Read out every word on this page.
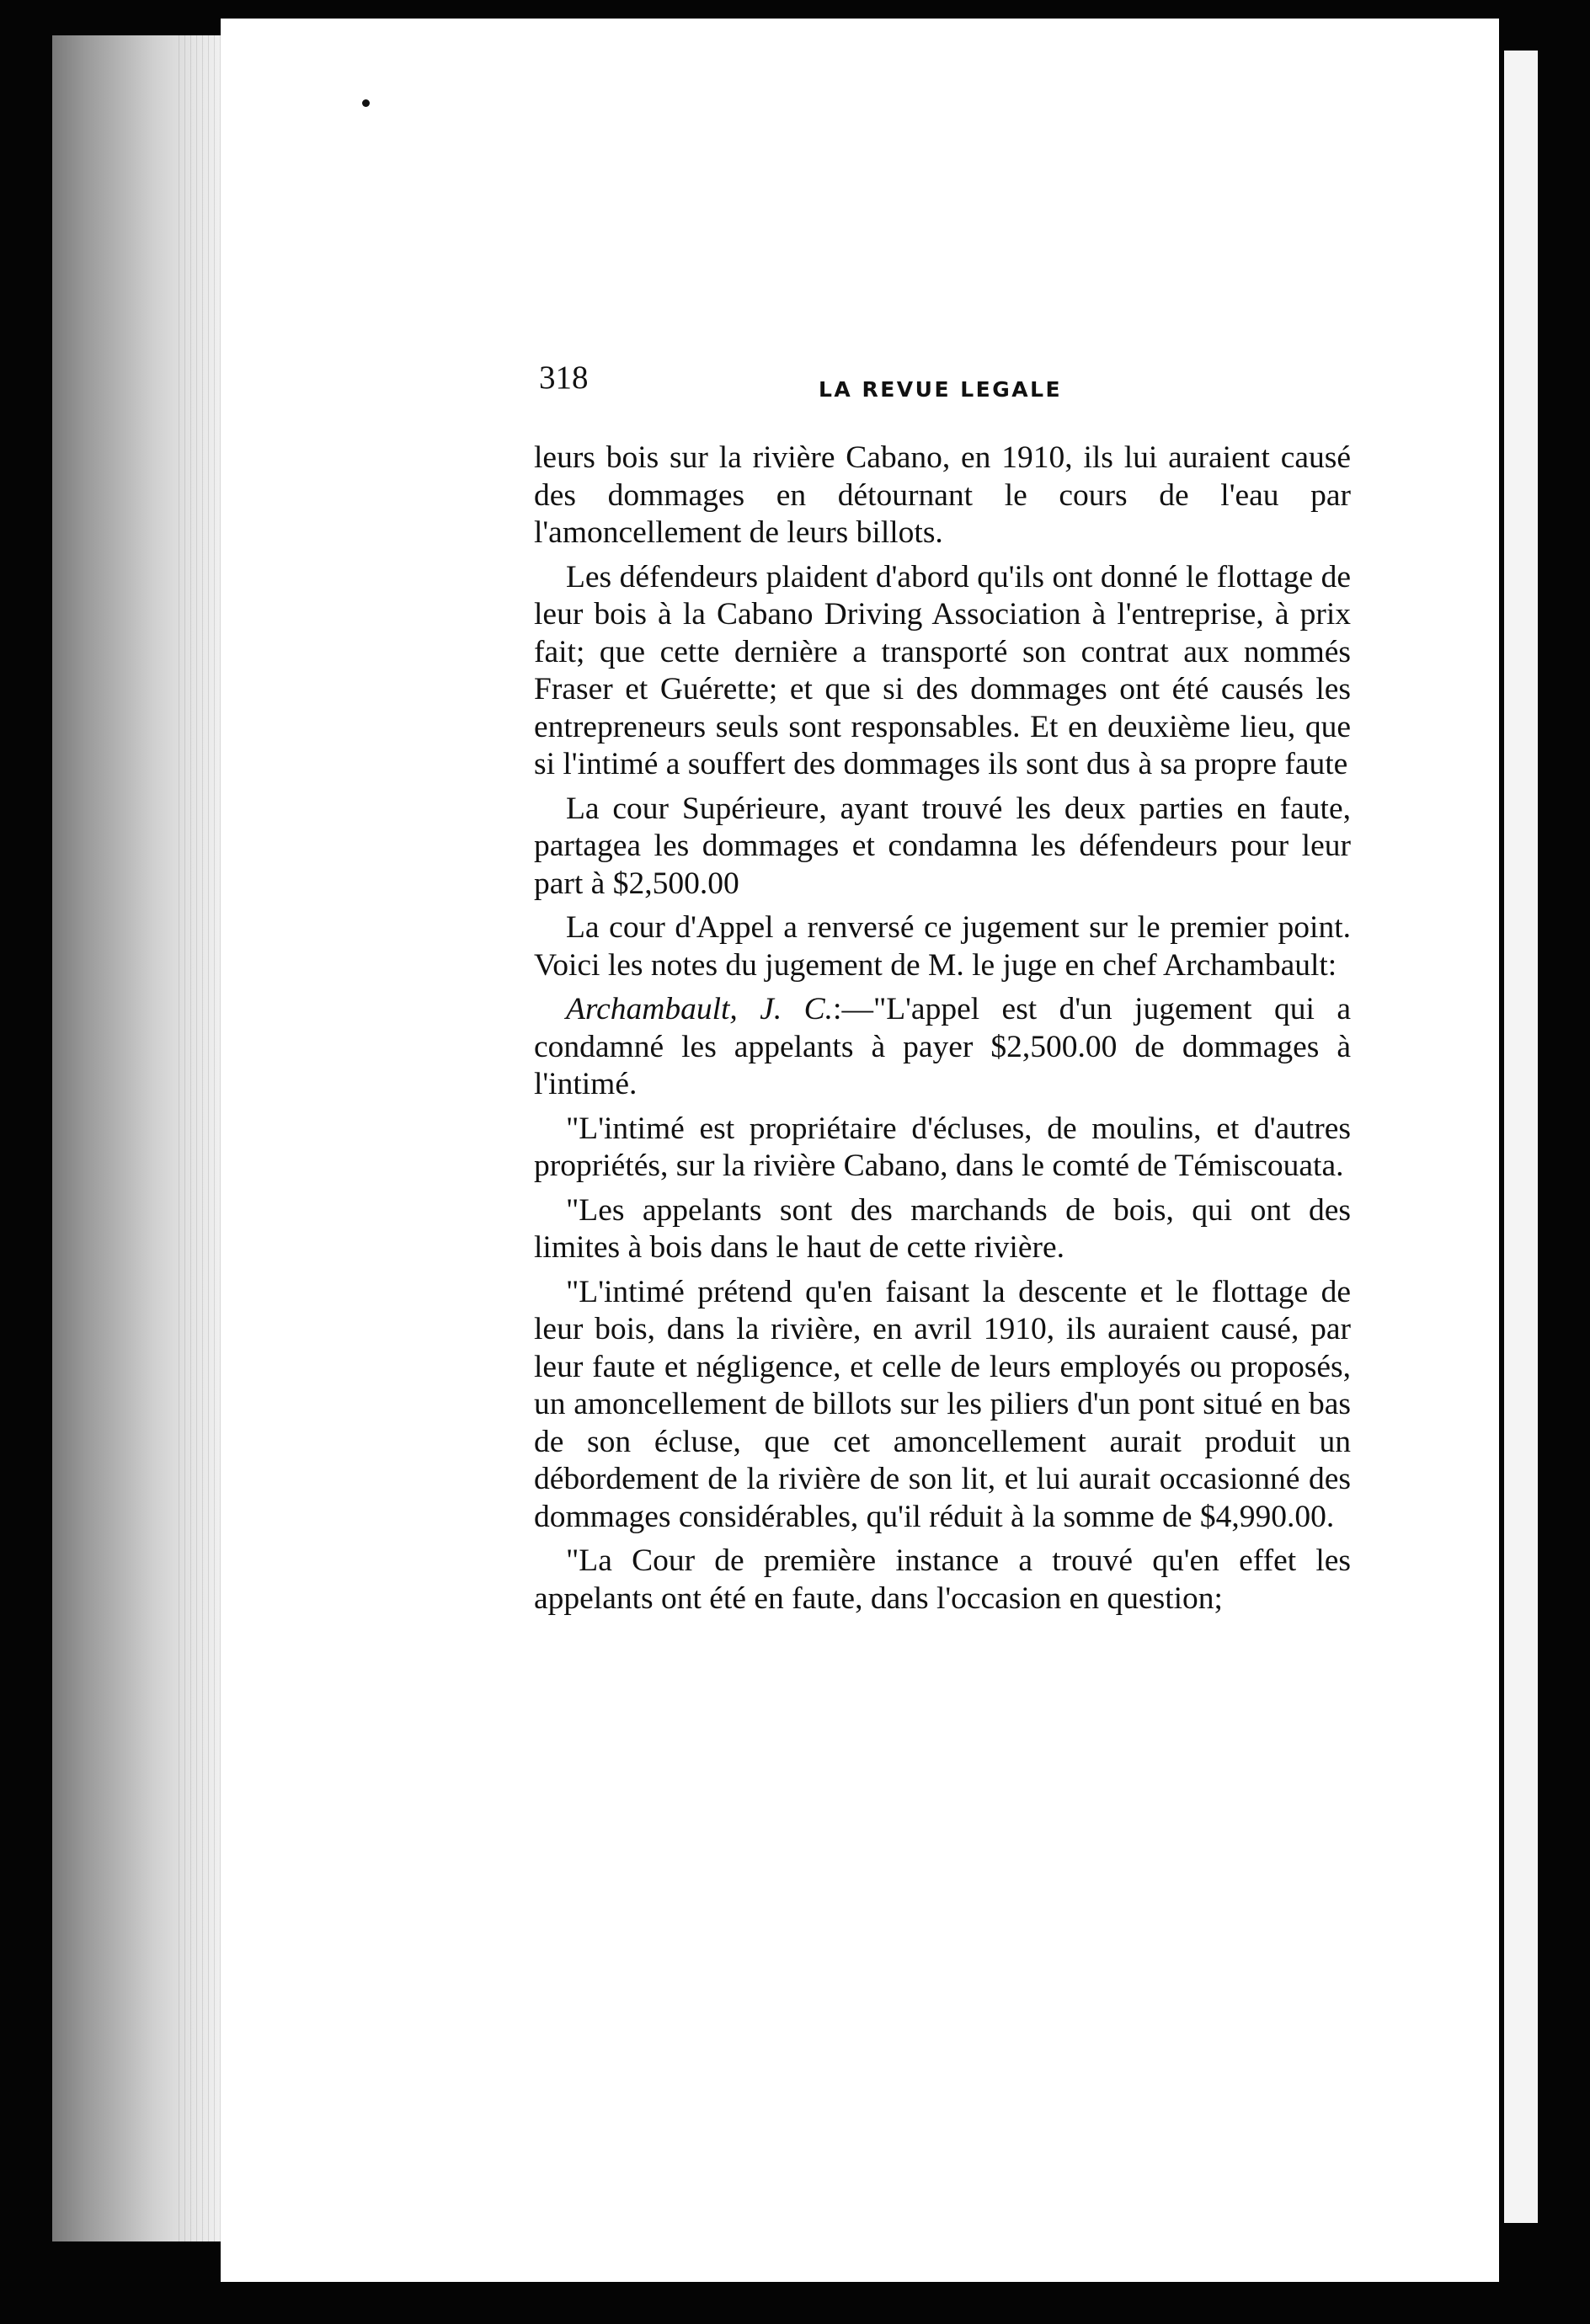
318	LA REVUE LEGALE

leurs bois sur la rivière Cabano, en 1910, ils lui auraient causé des dommages en détournant le cours de l'eau par l'amoncellement de leurs billots.

Les défendeurs plaident d'abord qu'ils ont donné le flottage de leur bois à la Cabano Driving Association à l'entreprise, à prix fait; que cette dernière a transporté son contrat aux nommés Fraser et Guérette; et que si des dommages ont été causés les entrepreneurs seuls sont responsables. Et en deuxième lieu, que si l'intimé a souffert des dommages ils sont dus à sa propre faute

La cour Supérieure, ayant trouvé les deux parties en faute, partagea les dommages et condamna les défendeurs pour leur part à $2,500.00

La cour d'Appel a renversé ce jugement sur le premier point. Voici les notes du jugement de M. le juge en chef Archambault:

Archambault, J. C.:—"L'appel est d'un jugement qui a condamné les appelants à payer $2,500.00 de dommages à l'intimé.

"L'intimé est propriétaire d'écluses, de moulins, et d'autres propriétés, sur la rivière Cabano, dans le comté de Témiscouata.

"Les appelants sont des marchands de bois, qui ont des limites à bois dans le haut de cette rivière.

"L'intimé prétend qu'en faisant la descente et le flottage de leur bois, dans la rivière, en avril 1910, ils auraient causé, par leur faute et négligence, et celle de leurs employés ou proposés, un amoncellement de billots sur les piliers d'un pont situé en bas de son écluse, que cet amoncellement aurait produit un débordement de la rivière de son lit, et lui aurait occasionné des dommages considérables, qu'il réduit à la somme de $4,990.00.

"La Cour de première instance a trouvé qu'en effet les appelants ont été en faute, dans l'occasion en question;
